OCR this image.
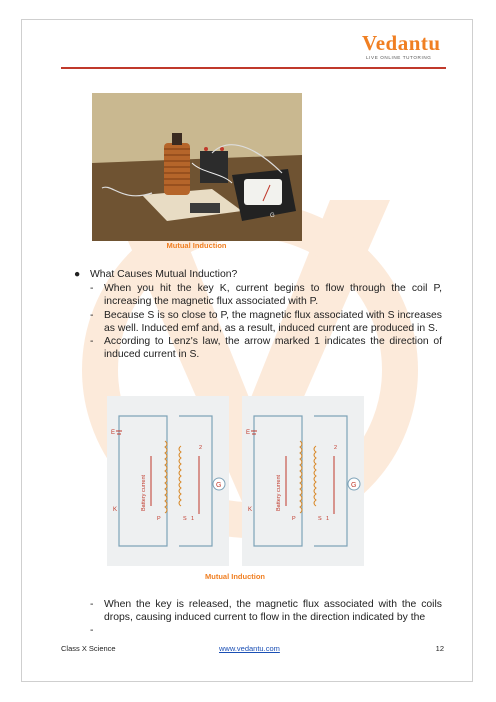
Vedantu
LIVE ONLINE TUTORING
G
Mutual Induction
● What Causes Mutual Induction?
-	When you hit the key K, current begins to flow through the coil P, increasing the magnetic flux associated with P.
-	Because S is so close to P, the magnetic flux associated with S increases as well. Induced emf and, as a result, induced current are produced in S.
-	According to Lenz's law, the arrow marked 1 indicates the direction of induced current in S.
G
E
K
P	S 1
2
Battery current	G
E
K
P	S 1
2
Battery current
Mutual Induction
-	When the key is released, the magnetic flux associated with the coils drops, causing induced current to flow in the direction indicated by the
-
Class X Science	www.vedantu.com	12
